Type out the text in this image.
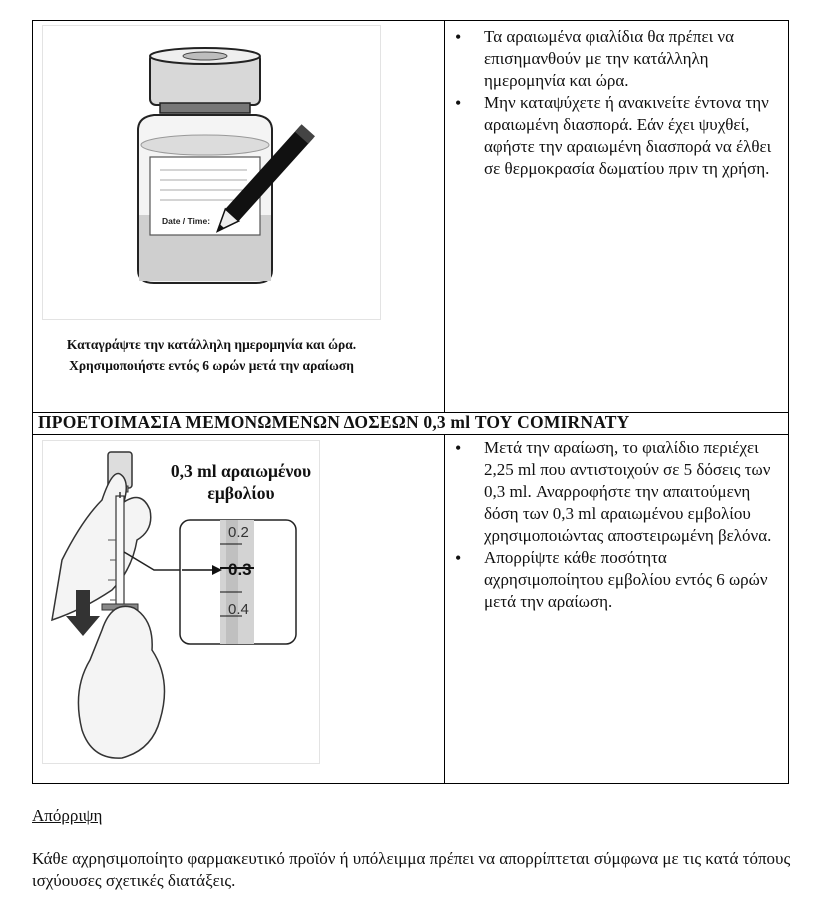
Date / Time:
Καταγράψτε την κατάλληλη ημερομηνία και ώρα.
Χρησιμοποιήστε εντός 6 ωρών μετά την αραίωση
• Τα αραιωμένα φιαλίδια θα πρέπει να επισημανθούν με την κατάλληλη ημερομηνία και ώρα.
• Μην καταψύχετε ή ανακινείτε έντονα την αραιωμένη διασπορά. Εάν έχει ψυχθεί, αφήστε την αραιωμένη διασπορά να έλθει σε θερμοκρασία δωματίου πριν τη χρήση.
ΠΡΟΕΤΟΙΜΑΣΙΑ ΜΕΜΟΝΩΜΕΝΩΝ ΔΟΣΕΩΝ 0,3 ml ΤΟΥ COMIRNATY
0.2
0.3
0.4
0,3 ml αραιωμένου
εμβολίου
• Μετά την αραίωση, το φιαλίδιο περιέχει 2,25 ml που αντιστοιχούν σε 5 δόσεις των 0,3 ml. Αναρροφήστε την απαιτούμενη δόση των 0,3 ml αραιωμένου εμβολίου χρησιμοποιώντας αποστειρωμένη βελόνα.
• Απορρίψτε κάθε ποσότητα αχρησιμοποίητου εμβολίου εντός 6 ωρών μετά την αραίωση.
Απόρριψη
Κάθε αχρησιμοποίητο φαρμακευτικό προϊόν ή υπόλειμμα πρέπει να απορρίπτεται σύμφωνα με τις κατά τόπους ισχύουσες σχετικές διατάξεις.
